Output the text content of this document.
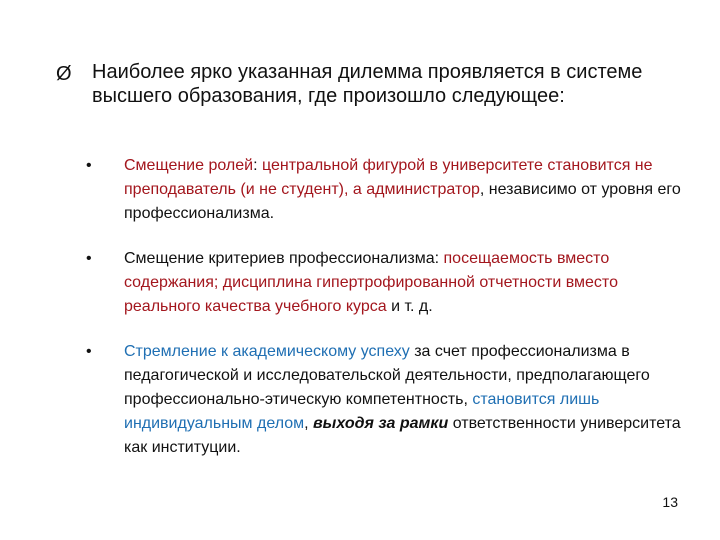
Ø Наиболее ярко указанная дилемма проявляется в системе высшего образования, где произошло следующее:
• Смещение ролей: центральной фигурой в университете становится не преподаватель (и не студент), а администратор, независимо от уровня его профессионализма.
• Смещение критериев профессионализма: посещаемость вместо содержания; дисциплина гипертрофированной отчетности вместо реального качества учебного курса и т. д.
• Стремление к академическому успеху за счет профессионализма в педагогической и исследовательской деятельности, предполагающего профессионально-этическую компетентность, становится лишь индивидуальным делом, выходя за рамки ответственности университета как институции.
13
